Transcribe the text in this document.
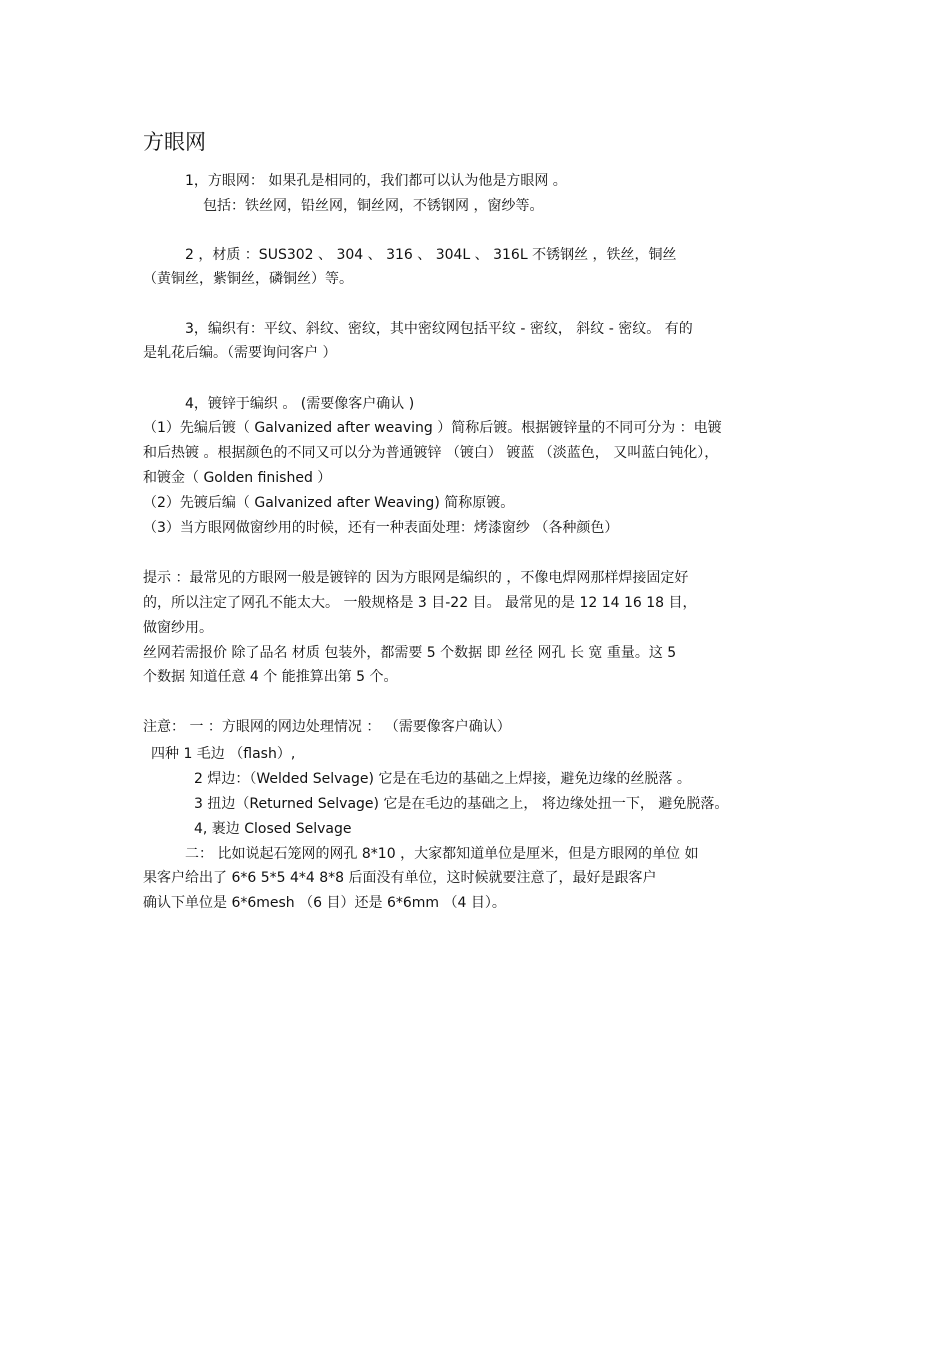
方眼网
1，方眼网： 如果孔是相同的，我们都可以认为他是方眼网 。
包括：铁丝网，铅丝网，铜丝网，不锈钢网 ，窗纱等。
2 ，材质 ：SUS302 、 304 、 316 、 304L 、 316L 不锈钢丝 ，铁丝，铜丝
（黄铜丝，紫铜丝，磷铜丝）等。
3，编织有：平纹、斜纹、密纹，其中密纹网包括平纹 - 密纹， 斜纹 - 密纹。 有的
是轧花后编。（需要询问客户 ）
4，镀锌于编织 。 (需要像客户确认 )
（1）先编后镀（ Galvanized after weaving ）简称后镀。根据镀锌量的不同可分为 ：电镀
和后热镀 。根据颜色的不同又可以分为普通镀锌 （镀白） 镀蓝 （淡蓝色， 又叫蓝白钝化），
和镀金（ Golden finished ）
（2）先镀后编（ Galvanized after Weaving) 简称原镀。
（3）当方眼网做窗纱用的时候，还有一种表面处理：烤漆窗纱 （各种颜色）
提示 ：最常见的方眼网一般是镀锌的 因为方眼网是编织的 ，不像电焊网那样焊接固定好
的，所以注定了网孔不能太大。 一般规格是 3 目-22 目。 最常见的是 12 14 16 18 目，
做窗纱用。
丝网若需报价 除了品名 材质 包装外，都需要 5 个数据 即 丝径 网孔 长 宽 重量。这 5
个数据 知道任意 4 个 能推算出第 5 个。
注意： 一 ：方眼网的网边处理情况 ： （需要像客户确认）
四种 1 毛边 （flash）,
2 焊边：（Welded Selvage) 它是在毛边的基础之上焊接，避免边缘的丝脱落 。
3 扭边（Returned Selvage) 它是在毛边的基础之上， 将边缘处扭一下， 避免脱落。
4, 裹边 Closed Selvage
二： 比如说起石笼网的网孔 8*10 ，大家都知道单位是厘米，但是方眼网的单位 如
果客户给出了 6*6 5*5 4*4 8*8 后面没有单位，这时候就要注意了，最好是跟客户
确认下单位是 6*6mesh （6 目）还是 6*6mm （4 目）。
